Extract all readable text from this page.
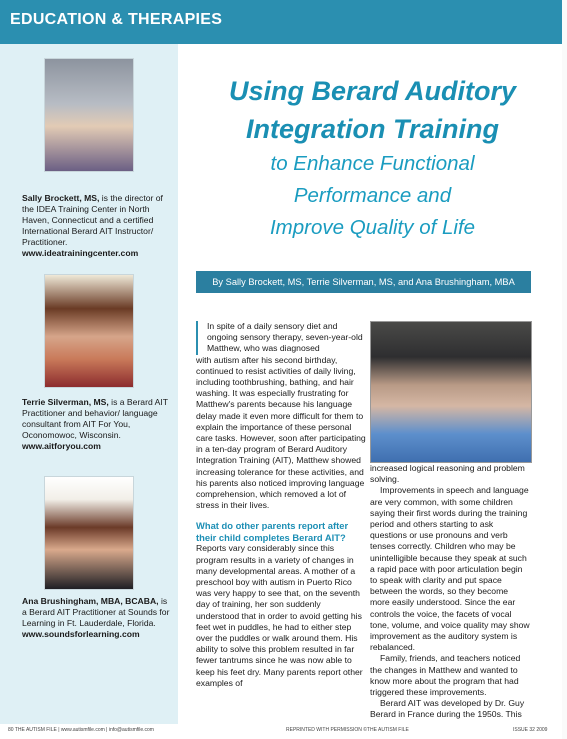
EDUCATION & THERAPIES
Sally Brockett, MS, is the director of the IDEA Training Center in North Haven, Connecticut and a certified International Berard AIT Instructor/ Practitioner.
www.ideatrainingcenter.com
Terrie Silverman, MS, is a Berard AIT Practitioner and behavior/ language consultant from AIT For You, Oconomowoc, Wisconsin.
www.aitforyou.com
Ana Brushingham, MBA, BCABA, is a Berard AIT Practitioner at Sounds for Learning in Ft. Lauderdale, Florida.
www.soundsforlearning.com
Using Berard Auditory
Integration Training
to Enhance Functional
Performance and
Improve Quality of Life
By Sally Brockett, MS, Terrie Silverman, MS, and Ana Brushingham, MBA

In spite of a daily sensory diet and ongoing sensory therapy, seven-year-old Matthew, who was diagnosed

with autism after his second birthday, continued to resist activities of daily living, including toothbrushing, bathing, and hair washing. It was especially frustrating for Matthew's parents because his language delay made it even more difficult for them to explain the importance of these personal care tasks. However, soon after participating in a ten-day program of Berard Auditory Integration Training (AIT), Matthew showed increasing tolerance for these activities, and his parents also noticed improving language comprehension, which removed a lot of stress in their lives.

What do other parents report after their child completes Berard AIT?

Reports vary considerably since this program results in a variety of changes in many developmental areas. A mother of a preschool boy with autism in Puerto Rico was very happy to see that, on the seventh day of training, her son suddenly understood that in order to avoid getting his feet wet in puddles, he had to either step over the puddles or walk around them. His ability to solve this problem resulted in far fewer tantrums since he was now able to keep his feet dry. Many parents report other examples of

increased logical reasoning and problem solving.

Improvements in speech and language are very common, with some children saying their first words during the training period and others starting to ask questions or use pronouns and verb tenses correctly. Children who may be unintelligible because they speak at such a rapid pace with poor articulation begin to speak with clarity and put space between the words, so they become more easily understood. Since the ear controls the voice, the facets of vocal tone, volume, and voice quality may show improvement as the auditory system is rebalanced.

Family, friends, and teachers noticed the changes in Matthew and wanted to know more about the program that had triggered these improvements.

Berard AIT was developed by Dr. Guy Berard in France during the 1950s. This

80 THE AUTISM FILE | www.autismfile.com | info@autismfile.com	REPRINTED WITH PERMISSION ©THE AUTISM FILE	ISSUE 32 2009
